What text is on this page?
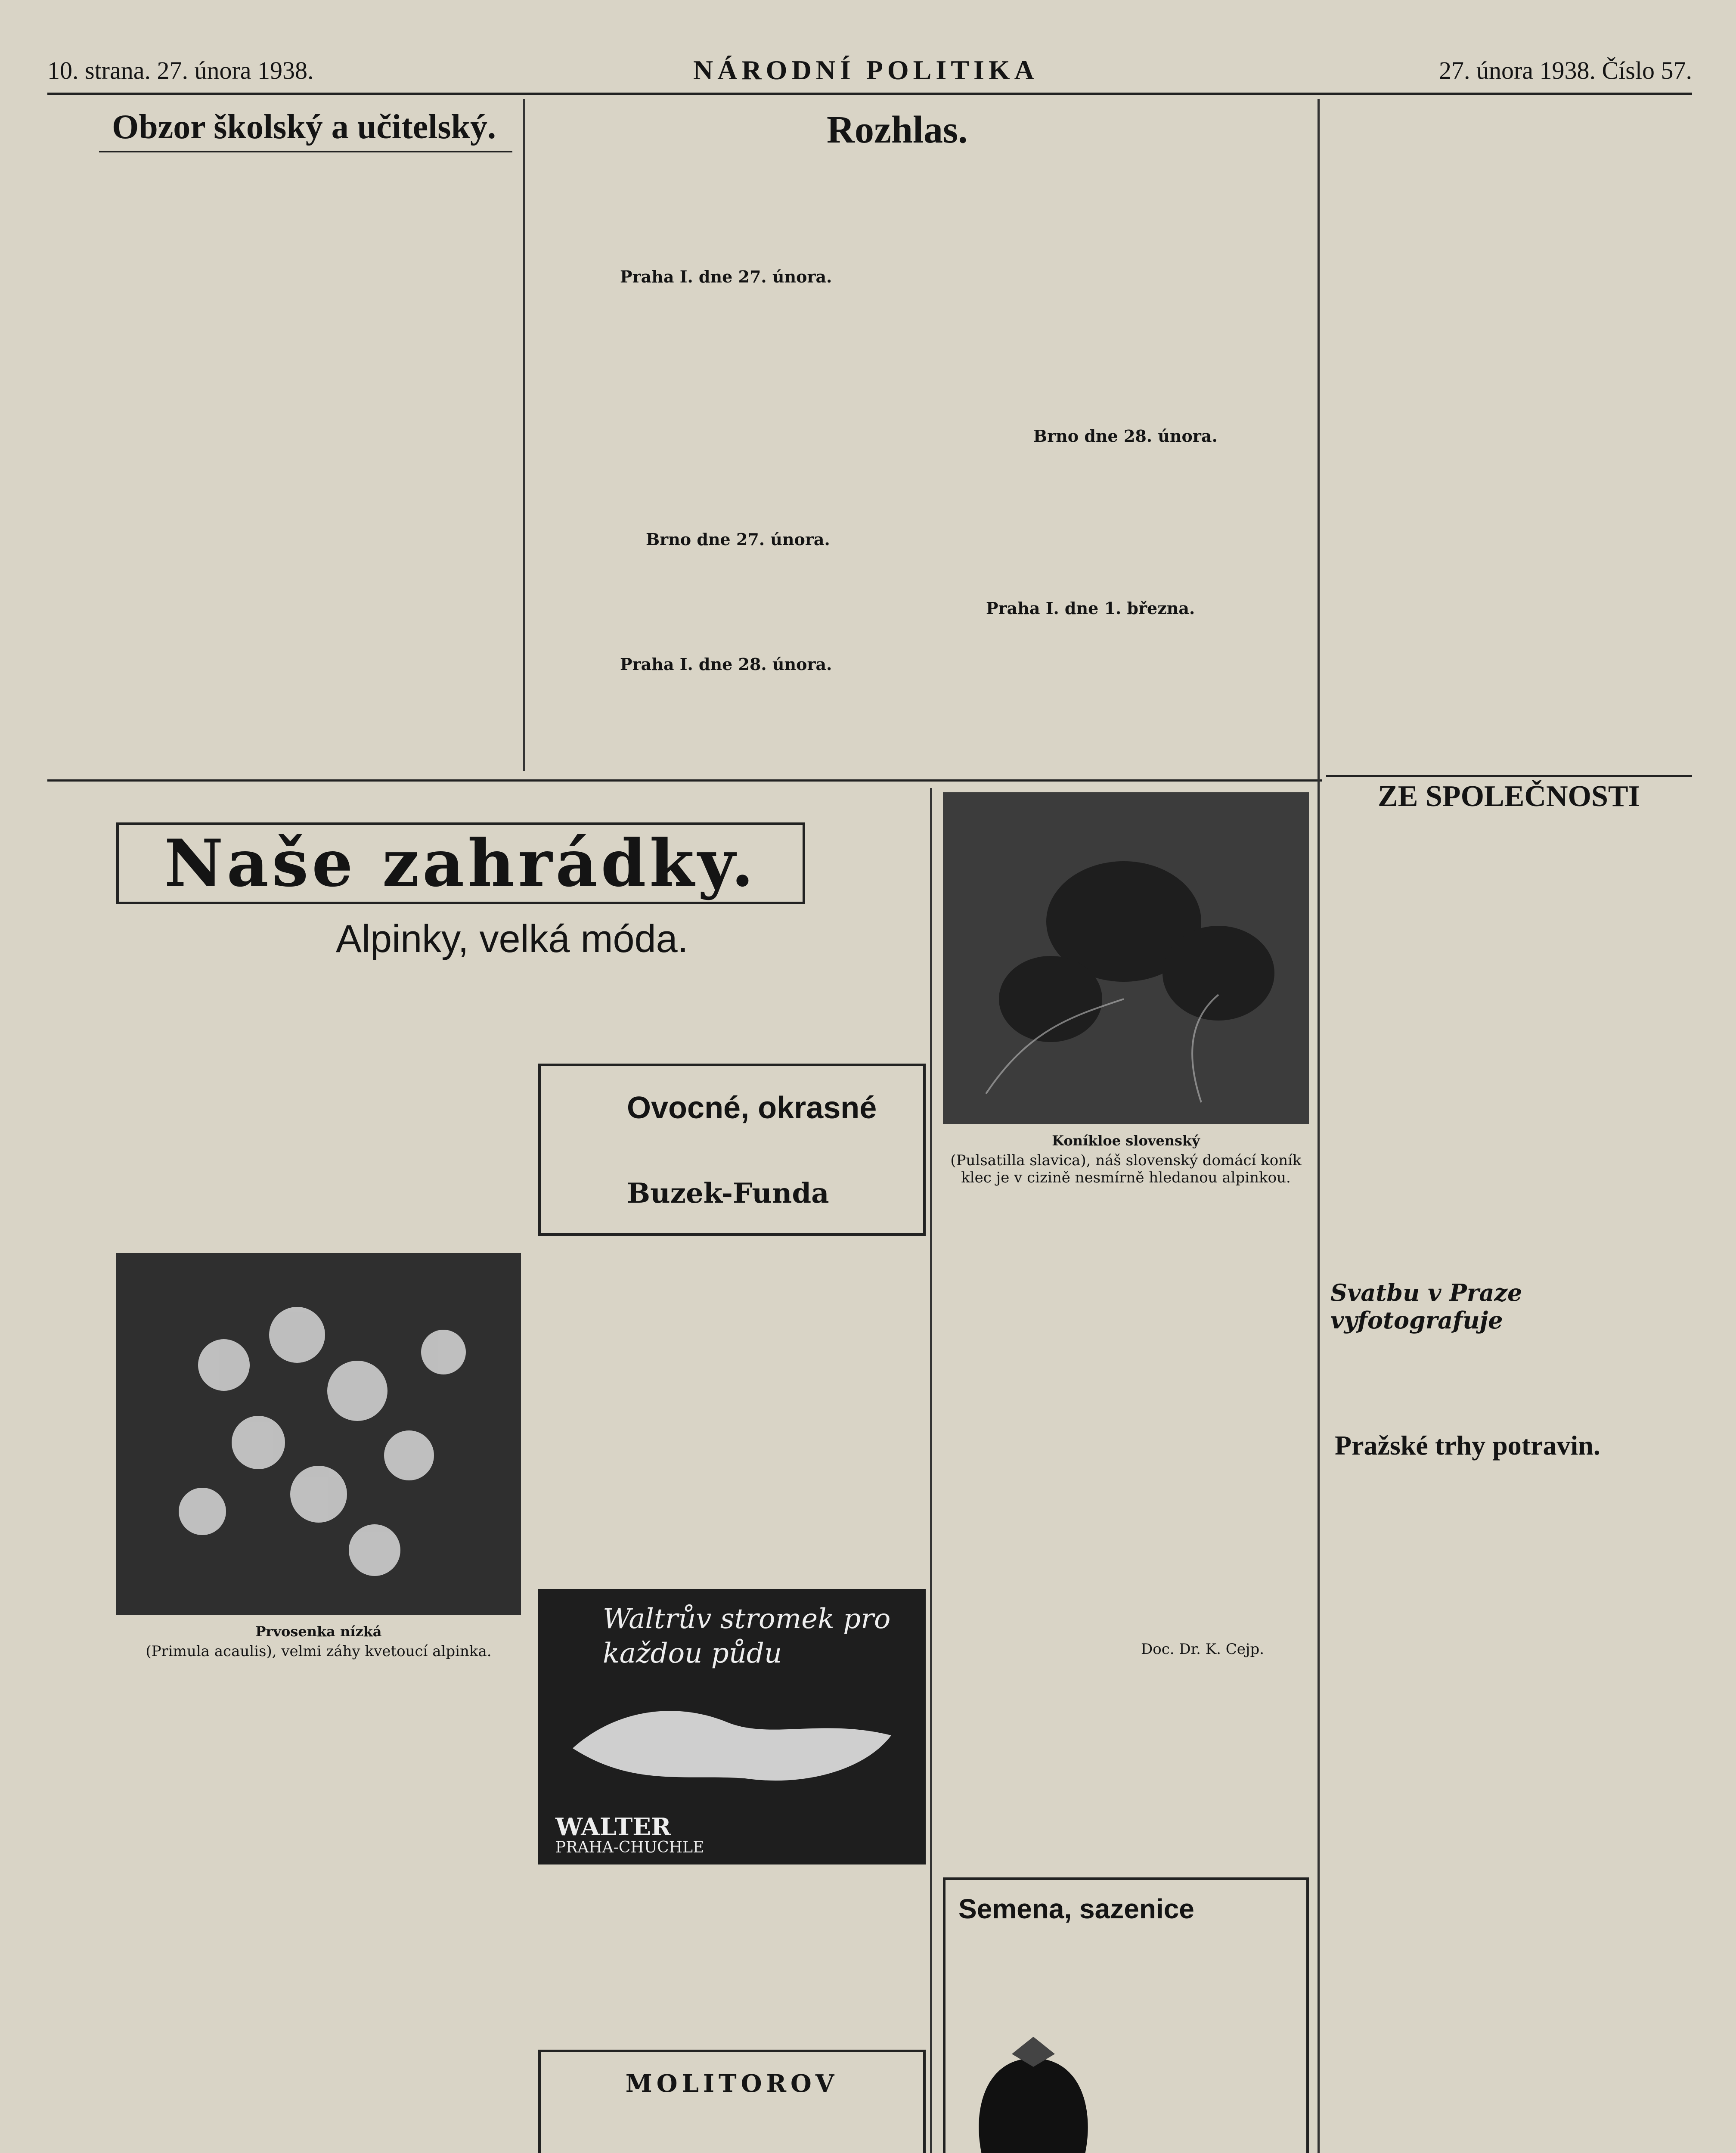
10. strana. 27. února 1938.	NÁRODNÍ POLITIKA	27. února 1938. Číslo 57.
Obzor školský a učitelský.	Rozhlas.
Praha I. dne 27. února.
Brno dne 27. února.
Praha I. dne 28. února.
Praha I. dne 1. března.
Brno dne 28. února.
ZE SPOLEČNOSTI
Naše zahrádky.
Alpinky, velká móda.
Prvosenka nízká
(Primula acaulis), velmi záhy kvetoucí alpinka.
Ovocné, okrasné
Buzek-Funda
Waltrův stromek pro každou půdu
WALTER
PRAHA-CHUCHLE
MOLITOROV
Koníkloe slovenský
(Pulsatilla slavica), náš slovenský domácí koník klec je v cizině nesmírně hledanou alpinkou.
Doc. Dr. K. Cejp.
Semena, sazenice
Svatbu v Praze vyfotografuje
Pražské trhy potravin.
